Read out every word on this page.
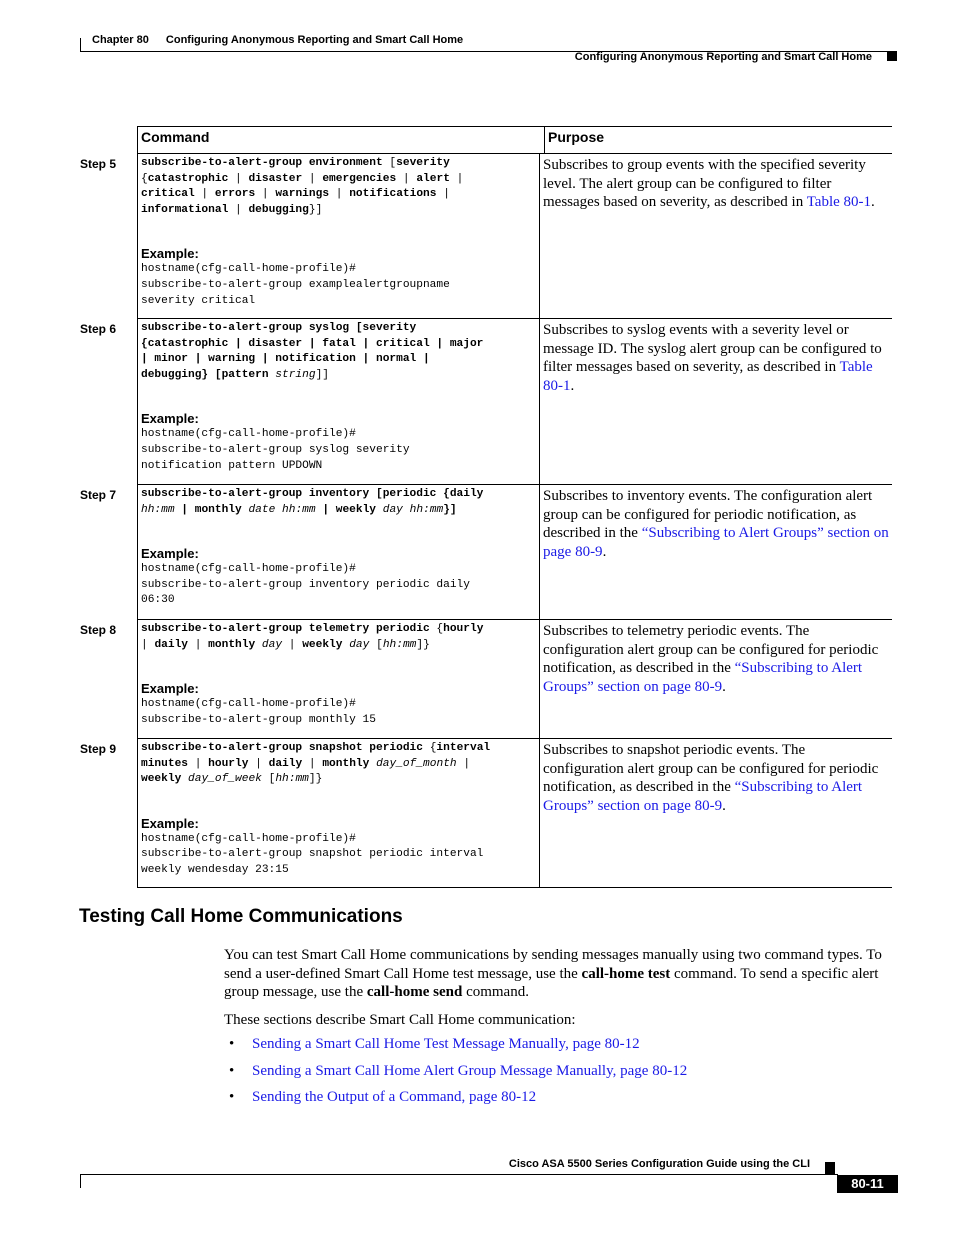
Chapter 80 Configuring Anonymous Reporting and Smart Call Home
Configuring Anonymous Reporting and Smart Call Home
Command	Purpose
Step 5 subscribe-to-alert-group environment [severity
{catastrophic | disaster | emergencies | alert |
critical | errors | warnings | notifications |
informational | debugging}]
Example:
hostname(cfg-call-home-profile)#
subscribe-to-alert-group examplealertgroupname
severity critical
Subscribes to group events with the specified severity level. The alert group can be configured to filter messages based on severity, as described in Table 80-1.
Step 6 subscribe-to-alert-group syslog [severity
{catastrophic | disaster | fatal | critical | major
| minor | warning | notification | normal |
debugging} [pattern string]]
Example:
hostname(cfg-call-home-profile)#
subscribe-to-alert-group syslog severity
notification pattern UPDOWN
Subscribes to syslog events with a severity level or message ID. The syslog alert group can be configured to filter messages based on severity, as described in Table 80-1.
Step 7 subscribe-to-alert-group inventory [periodic {daily
hh:mm | monthly date hh:mm | weekly day hh:mm}]
Example:
hostname(cfg-call-home-profile)#
subscribe-to-alert-group inventory periodic daily
06:30
Subscribes to inventory events. The configuration alert group can be configured for periodic notification, as described in the “Subscribing to Alert Groups” section on page 80-9.
Step 8 subscribe-to-alert-group telemetry periodic {hourly
| daily | monthly day | weekly day [hh:mm]}
Example:
hostname(cfg-call-home-profile)#
subscribe-to-alert-group monthly 15
Subscribes to telemetry periodic events. The configuration alert group can be configured for periodic notification, as described in the “Subscribing to Alert Groups” section on page 80-9.
Step 9 subscribe-to-alert-group snapshot periodic {interval
minutes | hourly | daily | monthly day_of_month |
weekly day_of_week [hh:mm]}
Example:
hostname(cfg-call-home-profile)#
subscribe-to-alert-group snapshot periodic interval
weekly wendesday 23:15
Subscribes to snapshot periodic events. The configuration alert group can be configured for periodic notification, as described in the “Subscribing to Alert Groups” section on page 80-9.
Testing Call Home Communications
You can test Smart Call Home communications by sending messages manually using two command types. To send a user-defined Smart Call Home test message, use the call-home test command. To send a specific alert group message, use the call-home send command.
These sections describe Smart Call Home communication:
•	Sending a Smart Call Home Test Message Manually, page 80-12
•	Sending a Smart Call Home Alert Group Message Manually, page 80-12
•	Sending the Output of a Command, page 80-12
Cisco ASA 5500 Series Configuration Guide using the CLI
80-11
